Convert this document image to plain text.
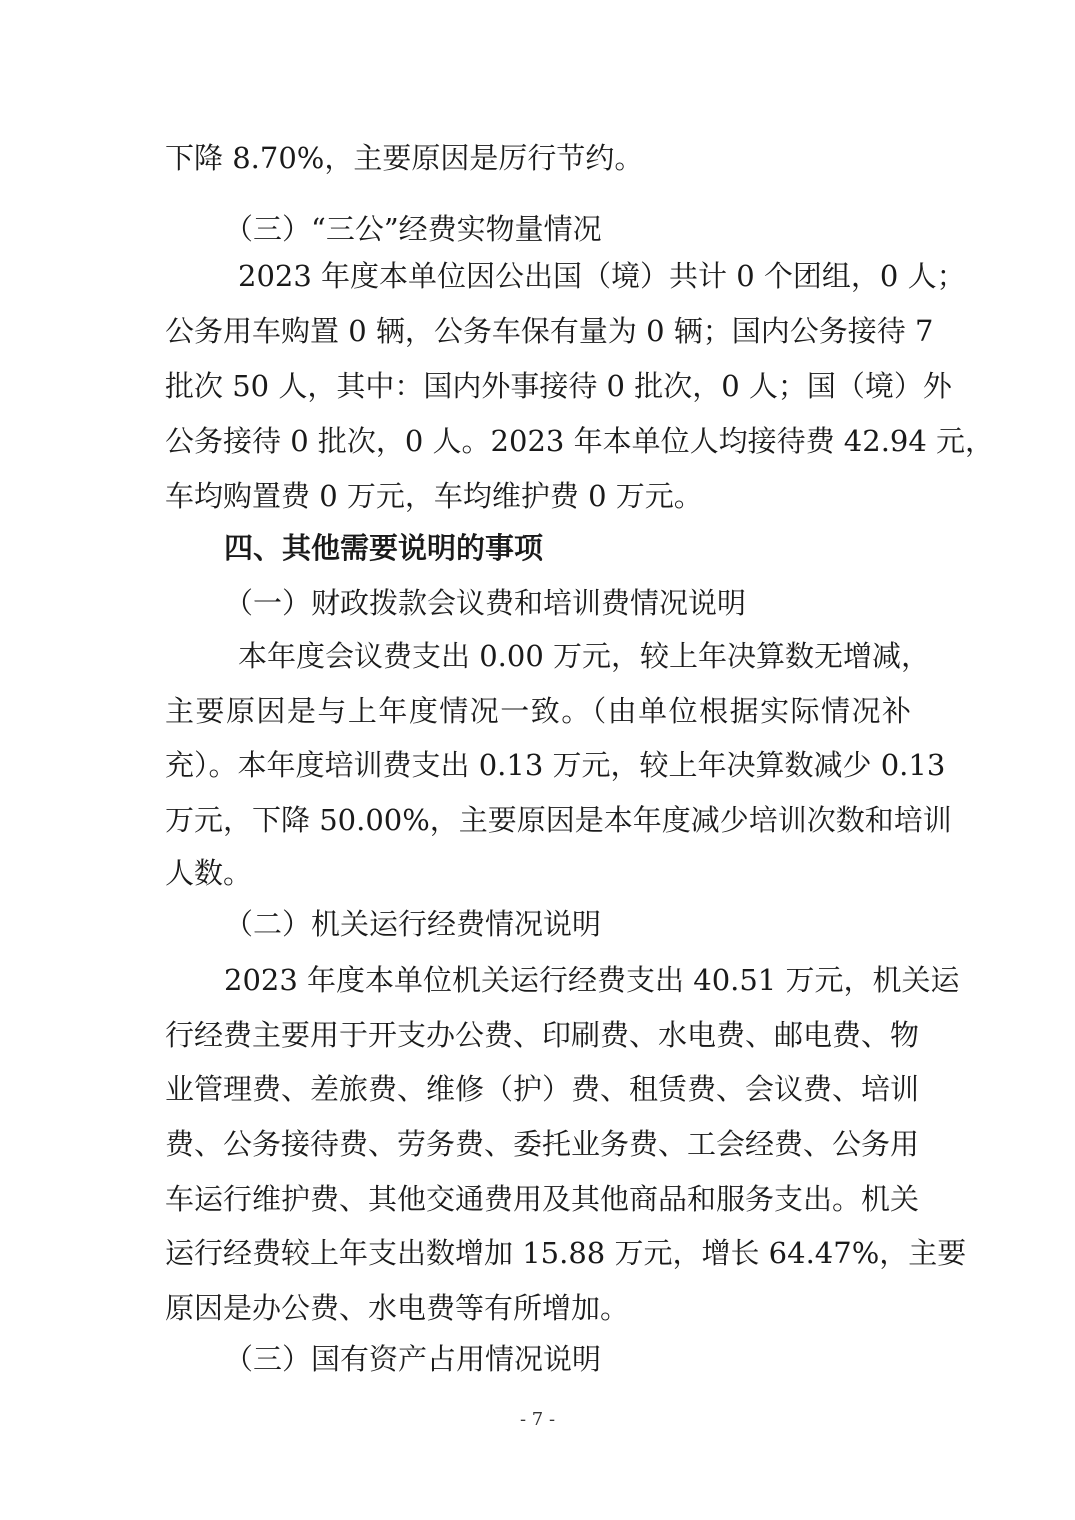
下降 8.70%，主要原因是厉行节约。
（三）“三公”经费实物量情况
2023 年度本单位因公出国（境）共计 0 个团组，0 人；
公务用车购置 0 辆，公务车保有量为 0 辆；国内公务接待 7
批次 50 人，其中：国内外事接待 0 批次，0 人；国（境）外
公务接待 0 批次，0 人。2023 年本单位人均接待费 42.94 元，
车均购置费 0 万元，车均维护费 0 万元。
四、其他需要说明的事项
（一）财政拨款会议费和培训费情况说明
本年度会议费支出 0.00 万元，较上年决算数无增减，
主要原因是与上年度情况一致。（由单位根据实际情况补
充）。本年度培训费支出 0.13 万元，较上年决算数减少 0.13
万元，下降 50.00%，主要原因是本年度减少培训次数和培训
人数。
（二）机关运行经费情况说明
2023 年度本单位机关运行经费支出 40.51 万元，机关运
行经费主要用于开支办公费、印刷费、水电费、邮电费、物
业管理费、差旅费、维修（护）费、租赁费、会议费、培训
费、公务接待费、劳务费、委托业务费、工会经费、公务用
车运行维护费、其他交通费用及其他商品和服务支出。机关
运行经费较上年支出数增加 15.88 万元，增长 64.47%，主要
原因是办公费、水电费等有所增加。
（三）国有资产占用情况说明
- 7 -
